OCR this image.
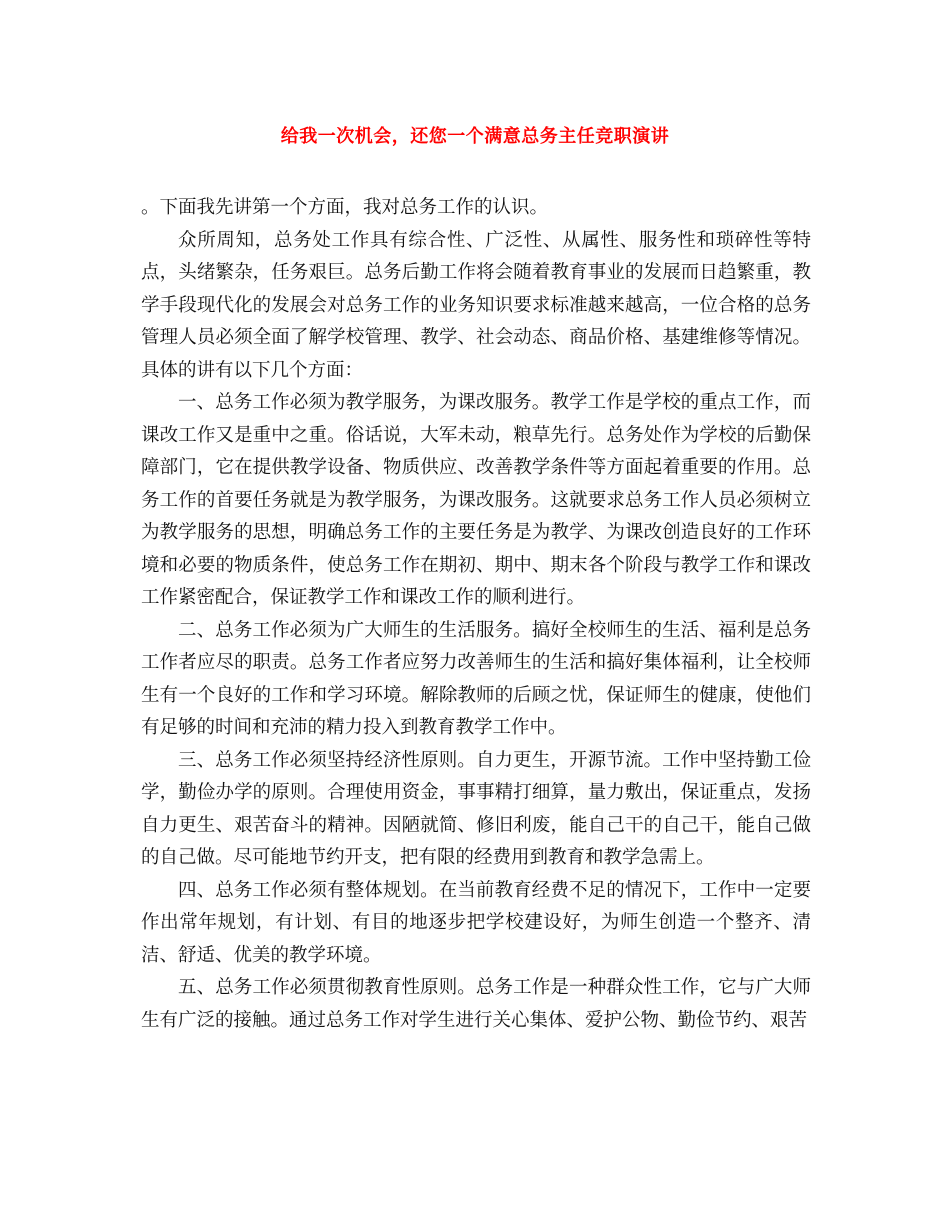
给我一次机会，还您一个满意总务主任竞职演讲

。下面我先讲第一个方面，我对总务工作的认识。

众所周知，总务处工作具有综合性、广泛性、从属性、服务性和琐碎性等特点，头绪繁杂，任务艰巨。总务后勤工作将会随着教育事业的发展而日趋繁重，教学手段现代化的发展会对总务工作的业务知识要求标准越来越高，一位合格的总务管理人员必须全面了解学校管理、教学、社会动态、商品价格、基建维修等情况。具体的讲有以下几个方面：

一、总务工作必须为教学服务，为课改服务。教学工作是学校的重点工作，而课改工作又是重中之重。俗话说，大军未动，粮草先行。总务处作为学校的后勤保障部门，它在提供教学设备、物质供应、改善教学条件等方面起着重要的作用。总务工作的首要任务就是为教学服务，为课改服务。这就要求总务工作人员必须树立为教学服务的思想，明确总务工作的主要任务是为教学、为课改创造良好的工作环境和必要的物质条件，使总务工作在期初、期中、期末各个阶段与教学工作和课改工作紧密配合，保证教学工作和课改工作的顺利进行。

二、总务工作必须为广大师生的生活服务。搞好全校师生的生活、福利是总务工作者应尽的职责。总务工作者应努力改善师生的生活和搞好集体福利，让全校师生有一个良好的工作和学习环境。解除教师的后顾之忧，保证师生的健康，使他们有足够的时间和充沛的精力投入到教育教学工作中。

三、总务工作必须坚持经济性原则。自力更生，开源节流。工作中坚持勤工俭学，勤俭办学的原则。合理使用资金，事事精打细算，量力敷出，保证重点，发扬自力更生、艰苦奋斗的精神。因陋就简、修旧利废，能自己干的自己干，能自己做的自己做。尽可能地节约开支，把有限的经费用到教育和教学急需上。

四、总务工作必须有整体规划。在当前教育经费不足的情况下，工作中一定要作出常年规划，有计划、有目的地逐步把学校建设好，为师生创造一个整齐、清洁、舒适、优美的教学环境。

五、总务工作必须贯彻教育性原则。总务工作是一种群众性工作，它与广大师生有广泛的接触。通过总务工作对学生进行关心集体、爱护公物、勤俭节约、艰苦
